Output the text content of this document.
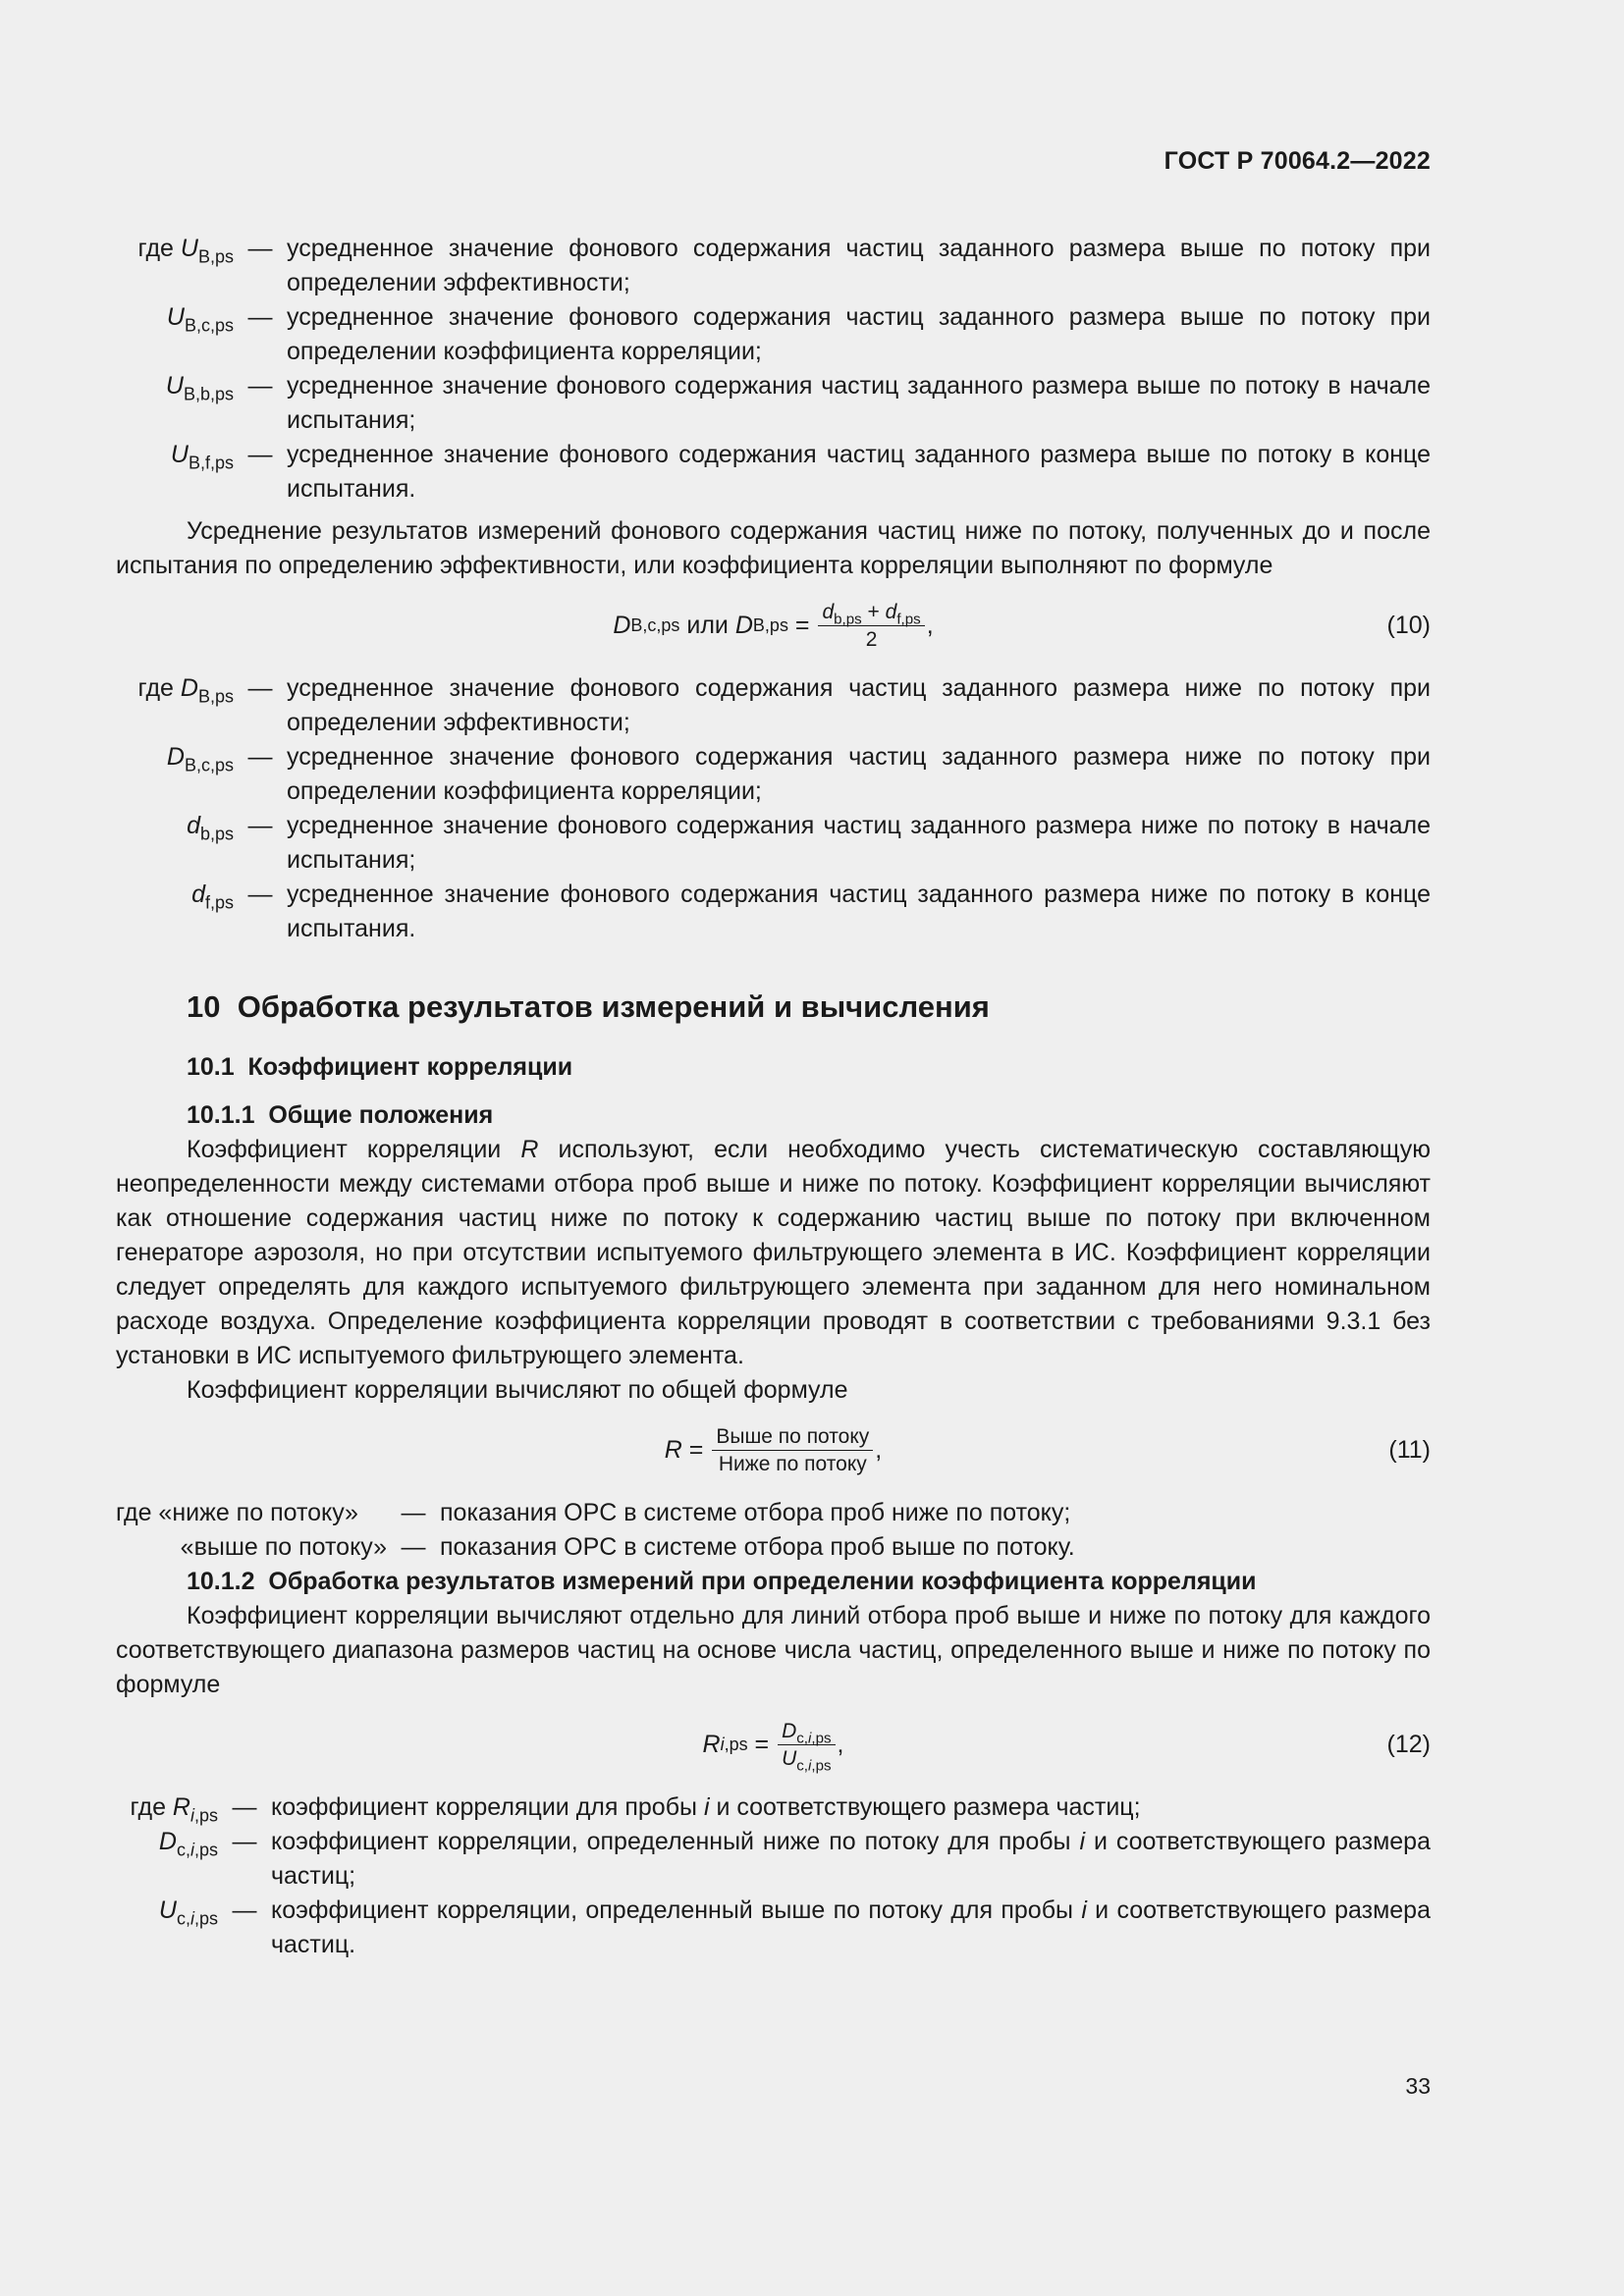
ГОСТ Р 70064.2—2022
где $U_{B,ps}$ — усредненное значение фонового содержания частиц заданного размера выше по потоку при определении эффективности;
$U_{B,c,ps}$ — усредненное значение фонового содержания частиц заданного размера выше по потоку при определении коэффициента корреляции;
$U_{B,b,ps}$ — усредненное значение фонового содержания частиц заданного размера выше по потоку в начале испытания;
$U_{B,f,ps}$ — усредненное значение фонового содержания частиц заданного размера выше по потоку в конце испытания.

Усреднение результатов измерений фонового содержания частиц ниже по потоку, полученных до и после испытания по определению эффективности, или коэффициента корреляции выполняют по формуле

D B,c,ps или D $B,ps = \frac{d_{b,ps} + d_{f,ps}}{2}$ ,	(10)
где $D_{B,ps}$ — усредненное значение фонового содержания частиц заданного размера ниже по потоку при определении эффективности;
$D_{B,c,ps}$ — усредненное значение фонового содержания частиц заданного размера ниже по потоку при определении коэффициента корреляции;
$d_{b,ps}$ — усредненное значение фонового содержания частиц заданного размера ниже по потоку в начале испытания;
$d_{f,ps}$ — усредненное значение фонового содержания частиц заданного размера ниже по потоку в конце испытания.
10  Обработка результатов измерений и вычисления
10.1  Коэффициент корреляции
10.1.1  Общие положения

Коэффициент корреляции R используют, если необходимо учесть систематическую составляющую неопределенности между системами отбора проб выше и ниже по потоку. Коэффициент корреляции вычисляют как отношение содержания частиц ниже по потоку к содержанию частиц выше по потоку при включенном генераторе аэрозоля, но при отсутствии испытуемого фильтрующего элемента в ИС. Коэффициент корреляции следует определять для каждого испытуемого фильтрующего элемента при заданном для него номинальном расходе воздуха. Определение коэффициента корреляции проводят в соответствии с требованиями 9.3.1 без установки в ИС испытуемого фильтрующего элемента.

Коэффициент корреляции вычисляют по общей формуле

$R = \frac{\text{Выше по потоку}}{\text{Ниже по потоку}}$ ,	(11)
где «ниже по потоку»	— показания OPC в системе отбора проб ниже по потоку;
«выше по потоку» — показания OPC в системе отбора проб выше по потоку.
10.1.2  Обработка результатов измерений при определении коэффициента корреляции

Коэффициент корреляции вычисляют отдельно для линий отбора проб выше и ниже по потоку для каждого соответствующего диапазона размеров частиц на основе числа частиц, определенного выше и ниже по потоку по формуле

R $i,ps = \frac{D_{c,i,ps}}{U_{c,i,ps}}$ ,	(12)
где $R_{i,ps}$ — коэффициент корреляции для пробы i и соответствующего размера частиц;
$D_{c,i,ps}$ — коэффициент корреляции, определенный ниже по потоку для пробы i и соответствующего размера частиц;
$U_{c,i,ps}$ — коэффициент корреляции, определенный выше по потоку для пробы i и соответствующего размера частиц.
33
